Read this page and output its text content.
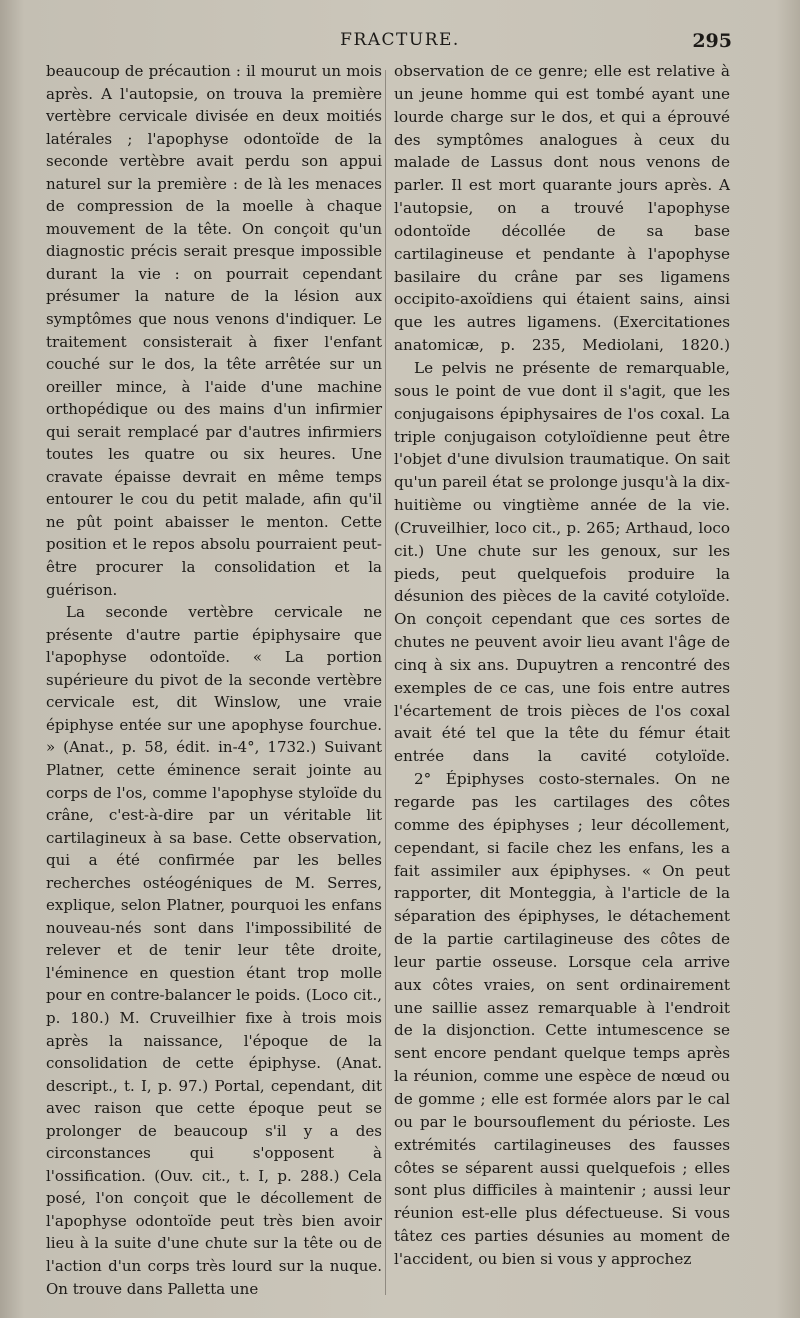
FRACTURE.	295

beaucoup de précaution : il mourut un mois après. A l'autopsie, on trouva la première vertèbre cervicale divisée en deux moitiés latérales ; l'apophyse odontoïde de la seconde vertèbre avait perdu son appui naturel sur la première : de là les menaces de compression de la moelle à chaque mouvement de la tête. On conçoit qu'un diagnostic précis serait presque impossible durant la vie : on pourrait cependant présumer la nature de la lésion aux symptômes que nous venons d'indiquer. Le traitement consisterait à fixer l'enfant couché sur le dos, la tête arrêtée sur un oreiller mince, à l'aide d'une machine orthopédique ou des mains d'un infirmier qui serait remplacé par d'autres infirmiers toutes les quatre ou six heures. Une cravate épaisse devrait en même temps entourer le cou du petit malade, afin qu'il ne pût point abaisser le menton. Cette position et le repos absolu pourraient peut-être procurer la consolidation et la guérison.

La seconde vertèbre cervicale ne présente d'autre partie épiphysaire que l'apophyse odontoïde. « La portion supérieure du pivot de la seconde vertèbre cervicale est, dit Winslow, une vraie épiphyse entée sur une apophyse fourchue. » (Anat., p. 58, édit. in-4°, 1732.) Suivant Platner, cette éminence serait jointe au corps de l'os, comme l'apophyse styloïde du crâne, c'est-à-dire par un véritable lit cartilagineux à sa base. Cette observation, qui a été confirmée par les belles recherches ostéogéniques de M. Serres, explique, selon Platner, pourquoi les enfans nouveau-nés sont dans l'impossibilité de relever et de tenir leur tête droite, l'éminence en question étant trop molle pour en contre-balancer le poids. (Loco cit., p. 180.) M. Cruveilhier fixe à trois mois après la naissance, l'époque de la consolidation de cette épiphyse. (Anat. descript., t. I, p. 97.) Portal, cependant, dit avec raison que cette époque peut se prolonger de beaucoup s'il y a des circonstances qui s'opposent à l'ossification. (Ouv. cit., t. I, p. 288.) Cela posé, l'on conçoit que le décollement de l'apophyse odontoïde peut très bien avoir lieu à la suite d'une chute sur la tête ou de l'action d'un corps très lourd sur la nuque. On trouve dans Palletta une

observation de ce genre; elle est relative à un jeune homme qui est tombé ayant une lourde charge sur le dos, et qui a éprouvé des symptômes analogues à ceux du malade de Lassus dont nous venons de parler. Il est mort quarante jours après. A l'autopsie, on a trouvé l'apophyse odontoïde décollée de sa base cartilagineuse et pendante à l'apophyse basilaire du crâne par ses ligamens occipito-axoïdiens qui étaient sains, ainsi que les autres ligamens. (Exercitationes anatomicæ, p. 235, Mediolani, 1820.)

Le pelvis ne présente de remarquable, sous le point de vue dont il s'agit, que les conjugaisons épiphysaires de l'os coxal. La triple conjugaison cotyloïdienne peut être l'objet d'une divulsion traumatique. On sait qu'un pareil état se prolonge jusqu'à la dix-huitième ou vingtième année de la vie. (Cruveilhier, loco cit., p. 265; Arthaud, loco cit.) Une chute sur les genoux, sur les pieds, peut quelquefois produire la désunion des pièces de la cavité cotyloïde. On conçoit cependant que ces sortes de chutes ne peuvent avoir lieu avant l'âge de cinq à six ans. Dupuytren a rencontré des exemples de ce cas, une fois entre autres l'écartement de trois pièces de l'os coxal avait été tel que la tête du fémur était entrée dans la cavité cotyloïde.

2° Épiphyses costo-sternales. On ne regarde pas les cartilages des côtes comme des épiphyses ; leur décollement, cependant, si facile chez les enfans, les a fait assimiler aux épiphyses. « On peut rapporter, dit Monteggia, à l'article de la séparation des épiphyses, le détachement de la partie cartilagineuse des côtes de leur partie osseuse. Lorsque cela arrive aux côtes vraies, on sent ordinairement une saillie assez remarquable à l'endroit de la disjonction. Cette intumescence se sent encore pendant quelque temps après la réunion, comme une espèce de nœud ou de gomme ; elle est formée alors par le cal ou par le boursouflement du périoste. Les extrémités cartilagineuses des fausses côtes se séparent aussi quelquefois ; elles sont plus difficiles à maintenir ; aussi leur réunion est-elle plus défectueuse. Si vous tâtez ces parties désunies au moment de l'accident, ou bien si vous y approchez
